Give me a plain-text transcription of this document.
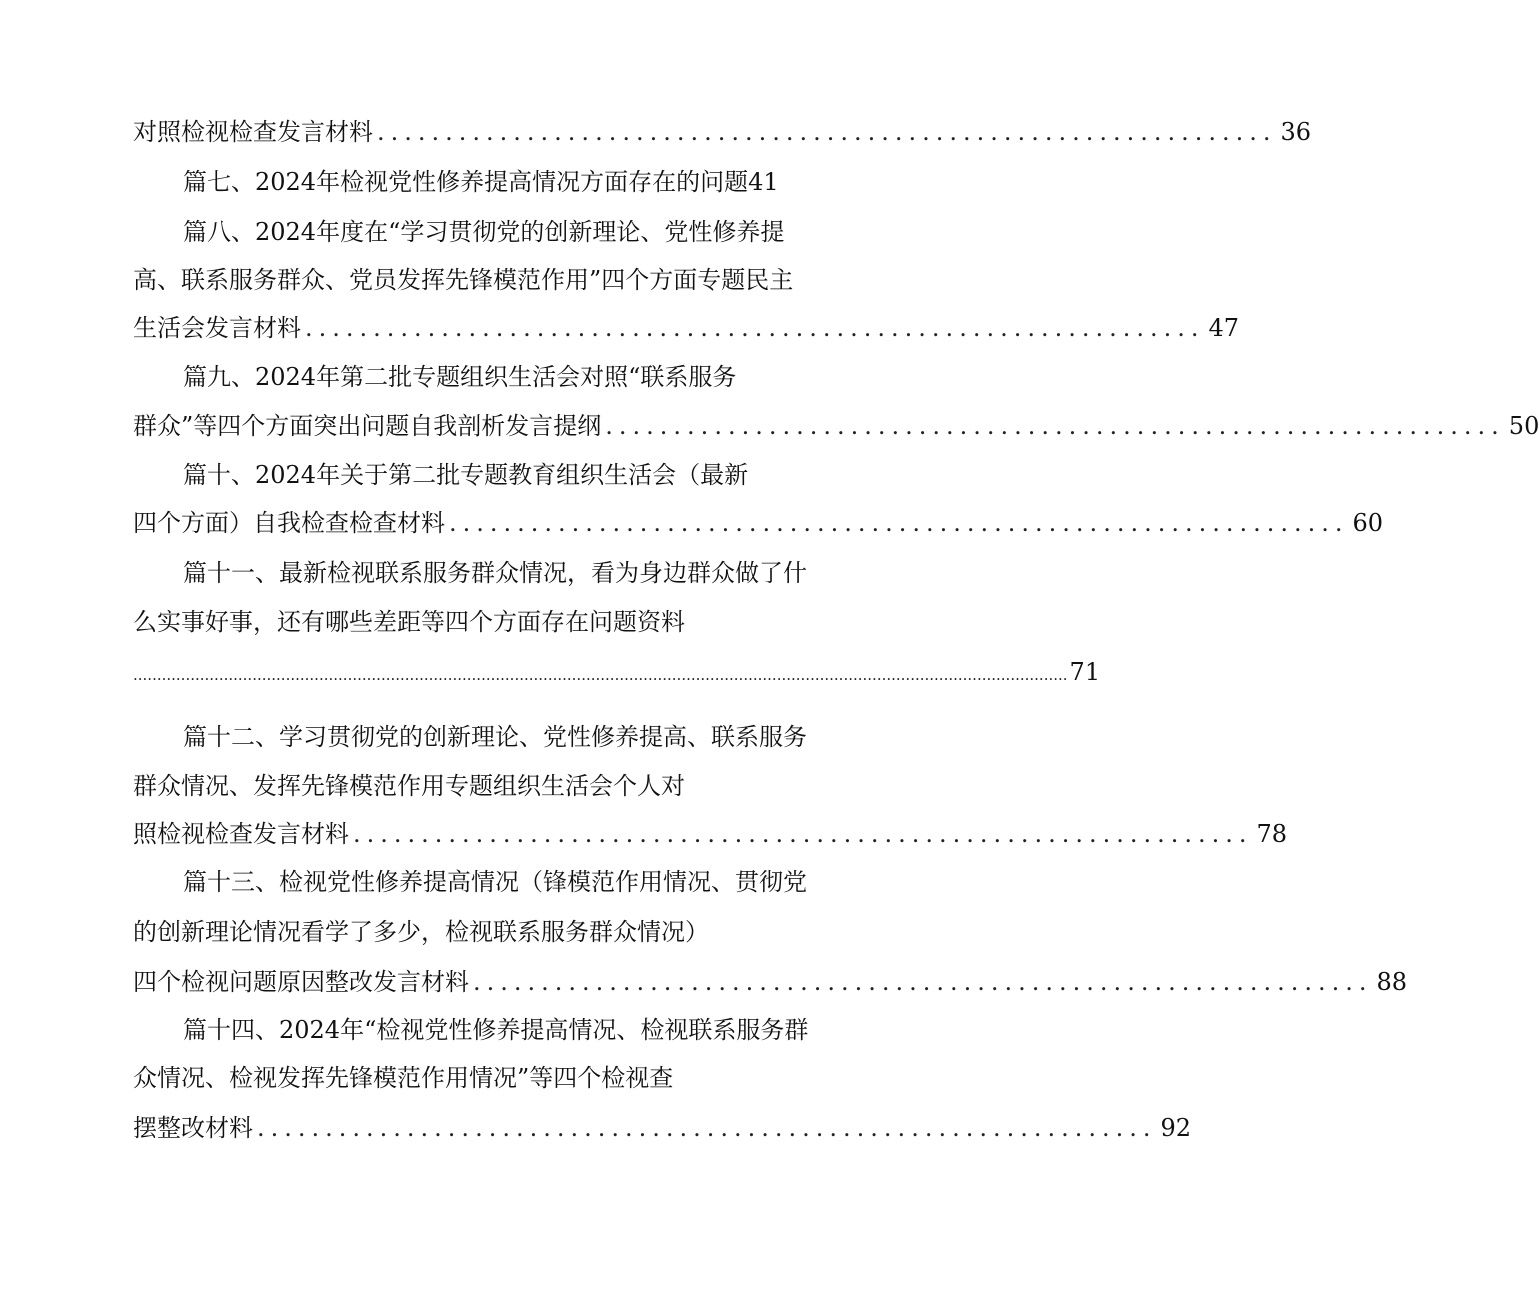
对照检视检查发言材料 .................................................................. 36
篇七、2024年检视党性修养提高情况方面存在的问题41
篇八、2024年度在“学习贯彻党的创新理论、党性修养提
高、联系服务群众、党员发挥先锋模范作用”四个方面专题民主
生活会发言材料 .................................................................. 47
篇九、2024年第二批专题组织生活会对照“联系服务
群众”等四个方面突出问题自我剖析发言提纲 .................................................................. 50
篇十、2024年关于第二批专题教育组织生活会（最新
四个方面）自我检查检查材料 .................................................................. 60
篇十一、最新检视联系服务群众情况，看为身边群众做了什
么实事好事，还有哪些差距等四个方面存在问题资料
.................................................................................................................................................................................................... 71
篇十二、学习贯彻党的创新理论、党性修养提高、联系服务
群众情况、发挥先锋模范作用专题组织生活会个人对
照检视检查发言材料 .................................................................. 78
篇十三、检视党性修养提高情况（锋模范作用情况、贯彻党
的创新理论情况看学了多少，检视联系服务群众情况）
四个检视问题原因整改发言材料 .................................................................. 88
篇十四、2024年“检视党性修养提高情况、检视联系服务群
众情况、检视发挥先锋模范作用情况”等四个检视查
摆整改材料 .................................................................. 92
